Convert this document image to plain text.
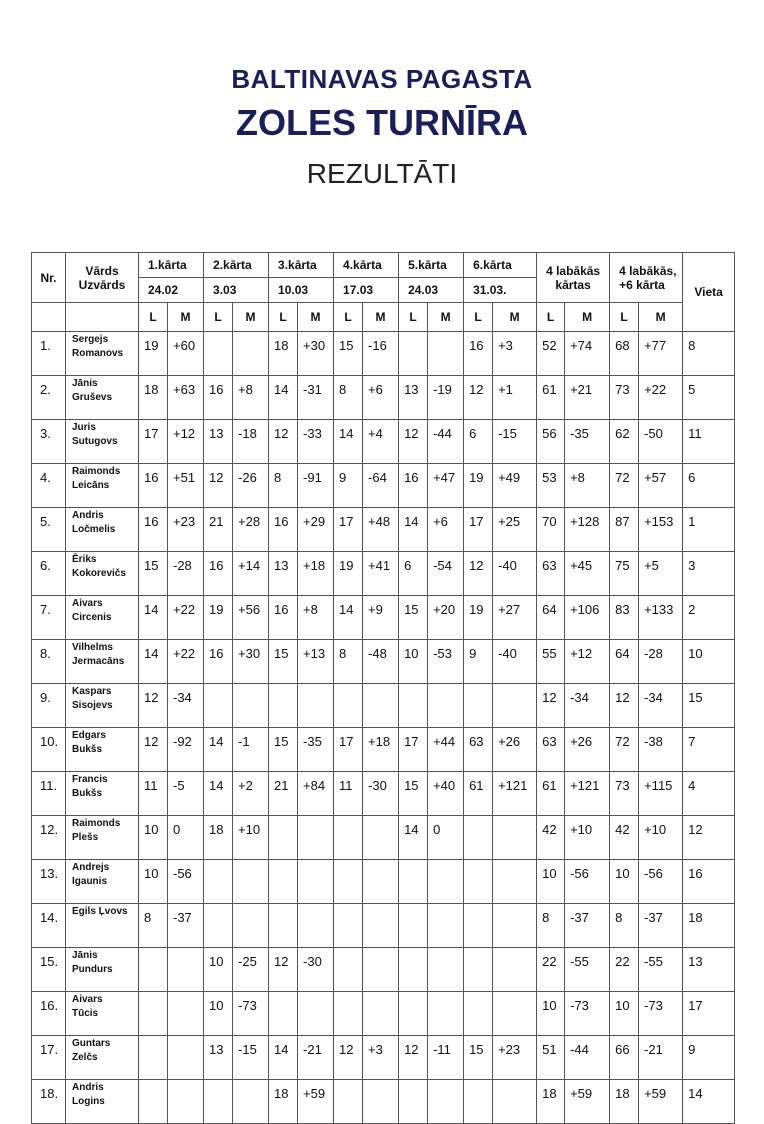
BALTINAVAS PAGASTA
ZOLES TURNĪRA
REZULTĀTI
Nr.	Vārds Uzvārds	1.kārta		2.kārta		3.kārta		4.kārta		5.kārta		6.kārta		4 labākās kārtas		4 labākās, +6 kārta		Vieta
		24.02		3.03		10.03		17.03		24.03		31.03.						
		L	M	L	M	L	M	L	M	L	M	L	M	L	M	L	M	
1.	Sergejs
Romanovs	19	+60			18	+30	15	-16			16	+3	52	+74	68	+77	8
2.	Jānis
Gruševs	18	+63	16	+8	14	-31	8	+6	13	-19	12	+1	61	+21	73	+22	5
3.	Juris
Sutugovs	17	+12	13	-18	12	-33	14	+4	12	-44	6	-15	56	-35	62	-50	11
4.	Raimonds
Leicāns	16	+51	12	-26	8	-91	9	-64	16	+47	19	+49	53	+8	72	+57	6
5.	Andris
Ločmelis	16	+23	21	+28	16	+29	17	+48	14	+6	17	+25	70	+128	87	+153	1
6.	Ēriks
Kokorevičs	15	-28	16	+14	13	+18	19	+41	6	-54	12	-40	63	+45	75	+5	3
7.	Aivars
Circenis	14	+22	19	+56	16	+8	14	+9	15	+20	19	+27	64	+106	83	+133	2
8.	Vilhelms
Jermacāns	14	+22	16	+30	15	+13	8	-48	10	-53	9	-40	55	+12	64	-28	10
9.	Kaspars
Sisojevs	12	-34											12	-34	12	-34	15
10.	Edgars
Bukšs	12	-92	14	-1	15	-35	17	+18	17	+44	63	+26	63	+26	72	-38	7
11.	Francis
Bukšs	11	-5	14	+2	21	+84	11	-30	15	+40	61	+121	61	+121	73	+115	4
12.	Raimonds
Plešs	10	0	18	+10					14	0			42	+10	42	+10	12
13.	Andrejs
Igaunis	10	-56											10	-56	10	-56	16
14.	Egils Ļvovs	8	-37											8	-37	8	-37	18
15.	Jānis
Pundurs			10	-25	12	-30							22	-55	22	-55	13
16.	Aivars
Tūcis			10	-73									10	-73	10	-73	17
17.	Guntars
Zelčs			13	-15	14	-21	12	+3	12	-11	15	+23	51	-44	66	-21	9
18.	Andris
Logins					18	+59							18	+59	18	+59	14
